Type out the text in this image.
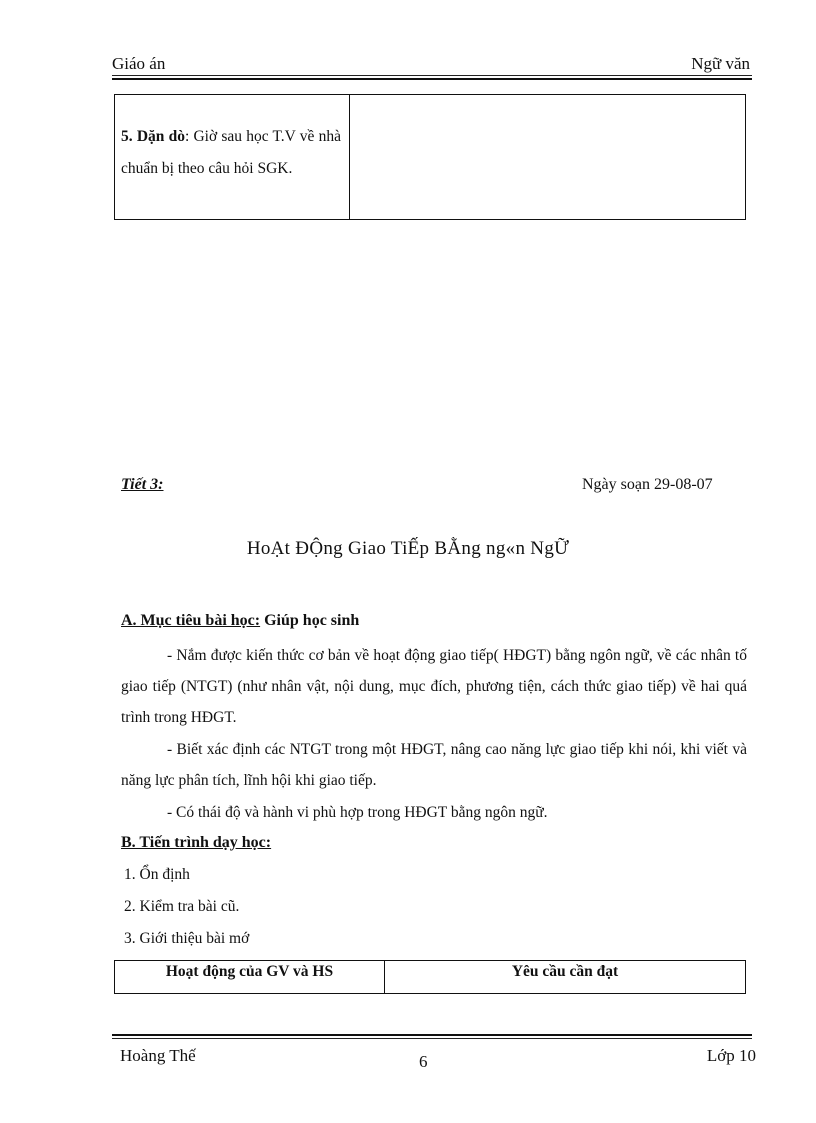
Giáo án	Ngữ văn
5. Dặn dò: Giờ sau học T.V về nhà chuẩn bị theo câu hỏi SGK.
Tiết 3:	Ngày soạn 29-08-07
HoẠt ĐỘng Giao TiẾp BẰng ng«n NgỮ
A. Mục tiêu bài học: Giúp học sinh
- Nắm được kiến thức cơ bản về hoạt động giao tiếp( HĐGT) bằng ngôn ngữ, về các nhân tố giao tiếp (NTGT) (như nhân vật, nội dung, mục đích, phương tiện, cách thức giao tiếp) về hai quá trình trong HĐGT.
- Biết xác định các NTGT trong một HĐGT, nâng cao năng lực giao tiếp khi nói, khi viết và năng lực phân tích, lĩnh hội khi giao tiếp.
- Có thái độ và hành vi phù hợp trong HĐGT bằng ngôn ngữ.
B. Tiến trình dạy học:
1. Ổn định
2. Kiểm tra bài cũ.
3. Giới thiệu bài mớ
Hoạt động của GV và HS	Yêu cầu cần đạt
Hoàng Thế	6	Lớp 10
